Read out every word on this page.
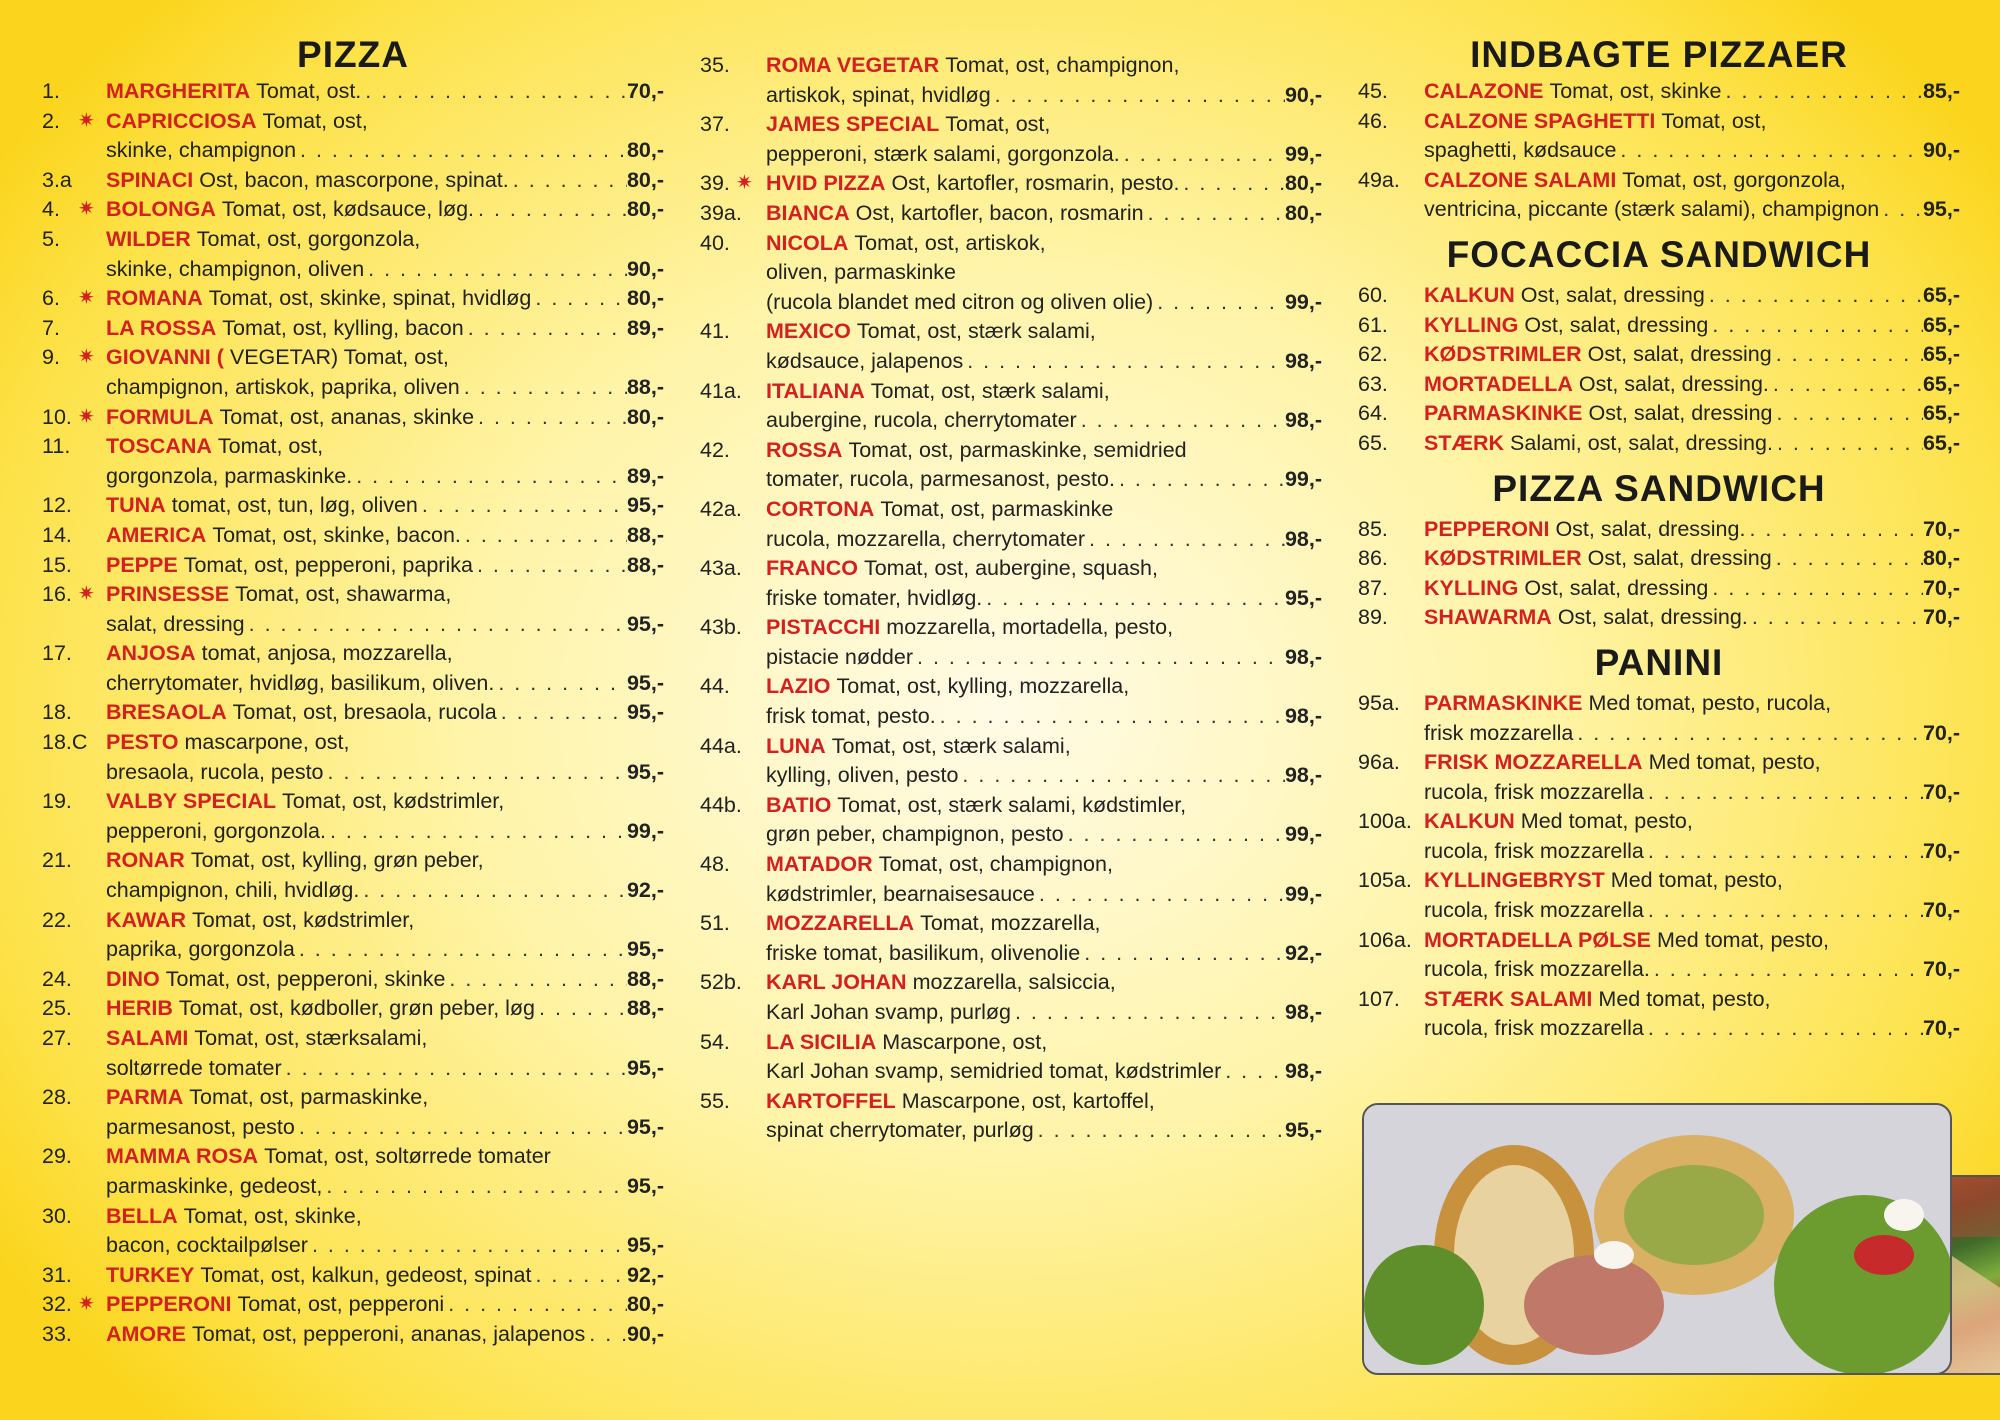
PIZZA
1.	MARGHERITA Tomat, ost. . . .	70,-
2. ✷ CAPRICCIOSA Tomat, ost,
skinke, champignon . . .	80,-
3.a	SPINACI Ost, bacon, mascorpone, spinat. . . .	80,-
4. ✷ BOLONGA Tomat, ost, kødsauce, løg. . . .	80,-
5.	WILDER Tomat, ost, gorgonzola,
skinke, champignon, oliven . . .	90,-
6. ✷ ROMANA Tomat, ost, skinke, spinat, hvidløg . . .	80,-
7.	LA ROSSA Tomat, ost, kylling, bacon . . .	89,-
9. ✷ GIOVANNI ( VEGETAR) Tomat, ost,
champignon, artiskok, paprika, oliven . . .	88,-
10. ✷ FORMULA Tomat, ost, ananas, skinke . . .	80,-
11.	TOSCANA Tomat, ost,
gorgonzola, parmaskinke. . . .	89,-
12.	TUNA tomat, ost, tun, løg, oliven . . .	95,-
14.	AMERICA Tomat, ost, skinke, bacon. . . .	88,-
15.	PEPPE Tomat, ost, pepperoni, paprika . . .	88,-
16. ✷ PRINSESSE Tomat, ost, shawarma,
salat, dressing . . .	95,-
17.	ANJOSA tomat, anjosa, mozzarella,
cherrytomater, hvidløg, basilikum, oliven. . . .	95,-
18.	BRESAOLA Tomat, ost, bresaola, rucola . . .	95,-
18.C PESTO mascarpone, ost,
bresaola, rucola, pesto . . .	95,-
19.	VALBY SPECIAL Tomat, ost, kødstrimler,
pepperoni, gorgonzola. . . .	99,-
21.	RONAR Tomat, ost, kylling, grøn peber,
champignon, chili, hvidløg. . . .	92,-
22.	KAWAR Tomat, ost, kødstrimler,
paprika, gorgonzola . . .	95,-
24.	DINO Tomat, ost, pepperoni, skinke . . .	88,-
25.	HERIB Tomat, ost, kødboller, grøn peber, løg . . .	88,-
27.	SALAMI Tomat, ost, stærksalami,
soltørrede tomater . . .	95,-
28.	PARMA Tomat, ost, parmaskinke,
parmesanost, pesto . . .	95,-
29.	MAMMA ROSA Tomat, ost, soltørrede tomater
parmaskinke, gedeost, . . .	95,-
30.	BELLA Tomat, ost, skinke,
bacon, cocktailpølser . . .	95,-
31.	TURKEY Tomat, ost, kalkun, gedeost, spinat . . .	92,-
32. ✷ PEPPERONI Tomat, ost, pepperoni . . .	80,-
33.	AMORE Tomat, ost, pepperoni, ananas, jalapenos . . . 90,-
35.	ROMA VEGETAR Tomat, ost, champignon,
artiskok, spinat, hvidløg . . .	90,-
37.	JAMES SPECIAL Tomat, ost,
pepperoni, stærk salami, gorgonzola. . . .	99,-
39. ✷ HVID PIZZA Ost, kartofler, rosmarin, pesto. . . .	80,-
39a.	BIANCA Ost, kartofler, bacon, rosmarin . . .	80,-
40.	NICOLA Tomat, ost, artiskok,
oliven, parmaskinke
(rucola blandet med citron og oliven olie) . . .	99,-
41.	MEXICO Tomat, ost, stærk salami,
kødsauce, jalapenos . . .	98,-
41a.	ITALIANA Tomat, ost, stærk salami,
aubergine, rucola, cherrytomater . . .	98,-
42.	ROSSA Tomat, ost, parmaskinke, semidried
tomater, rucola, parmesanost, pesto. . . .	99,-
42a.	CORTONA Tomat, ost, parmaskinke
rucola, mozzarella, cherrytomater . . .	98,-
43a.	FRANCO Tomat, ost, aubergine, squash,
friske tomater, hvidløg. . . .	95,-
43b.	PISTACCHI mozzarella, mortadella, pesto,
pistacie nødder . . .	98,-
44.	LAZIO Tomat, ost, kylling, mozzarella,
frisk tomat, pesto. . . .	98,-
44a.	LUNA Tomat, ost, stærk salami,
kylling, oliven, pesto . . .	98,-
44b.	BATIO Tomat, ost, stærk salami, kødstimler,
grøn peber, champignon, pesto . . .	99,-
48.	MATADOR Tomat, ost, champignon,
kødstrimler, bearnaisesauce . . .	99,-
51.	MOZZARELLA Tomat, mozzarella,
friske tomat, basilikum, olivenolie . . .	92,-
52b.	KARL JOHAN mozzarella, salsiccia,
Karl Johan svamp, purløg . . .	98,-
54.	LA SICILIA Mascarpone, ost,
Karl Johan svamp, semidried tomat, kødstrimler . . .	98,-
55.	KARTOFFEL Mascarpone, ost, kartoffel,
spinat cherrytomater, purløg . . .	95,-
INDBAGTE PIZZAER
45.	CALAZONE Tomat, ost, skinke . . .	85,-
46.	CALZONE SPAGHETTI Tomat, ost,
spaghetti, kødsauce . . .	90,-
49a.	CALZONE SALAMI Tomat, ost, gorgonzola,
ventricina, piccante (stærk salami), champignon . . . 95,-
FOCACCIA SANDWICH
60.	KALKUN Ost, salat, dressing . . .	65,-
61.	KYLLING Ost, salat, dressing . . .	65,-
62.	KØDSTRIMLER Ost, salat, dressing . . .	65,-
63.	MORTADELLA Ost, salat, dressing. . . .	65,-
64.	PARMASKINKE Ost, salat, dressing . . .	65,-
65.	STÆRK Salami, ost, salat, dressing. . . .	65,-
PIZZA SANDWICH
85.	PEPPERONI Ost, salat, dressing. . . .	70,-
86.	KØDSTRIMLER Ost, salat, dressing . . .	80,-
87.	KYLLING Ost, salat, dressing . . .	70,-
89.	SHAWARMA Ost, salat, dressing. . . .	70,-
PANINI
95a.	PARMASKINKE Med tomat, pesto, rucola,
frisk mozzarella . . .	70,-
96a.	FRISK MOZZARELLA Med tomat, pesto,
rucola, frisk mozzarella . . .	70,-
100a. KALKUN Med tomat, pesto,
rucola, frisk mozzarella . . .	70,-
105a. KYLLINGEBRYST Med tomat, pesto,
rucola, frisk mozzarella . . .	70,-
106a. MORTADELLA PØLSE Med tomat, pesto,
rucola, frisk mozzarella. . . .	70,-
107.	STÆRK SALAMI Med tomat, pesto,
rucola, frisk mozzarella . . .	70,-
